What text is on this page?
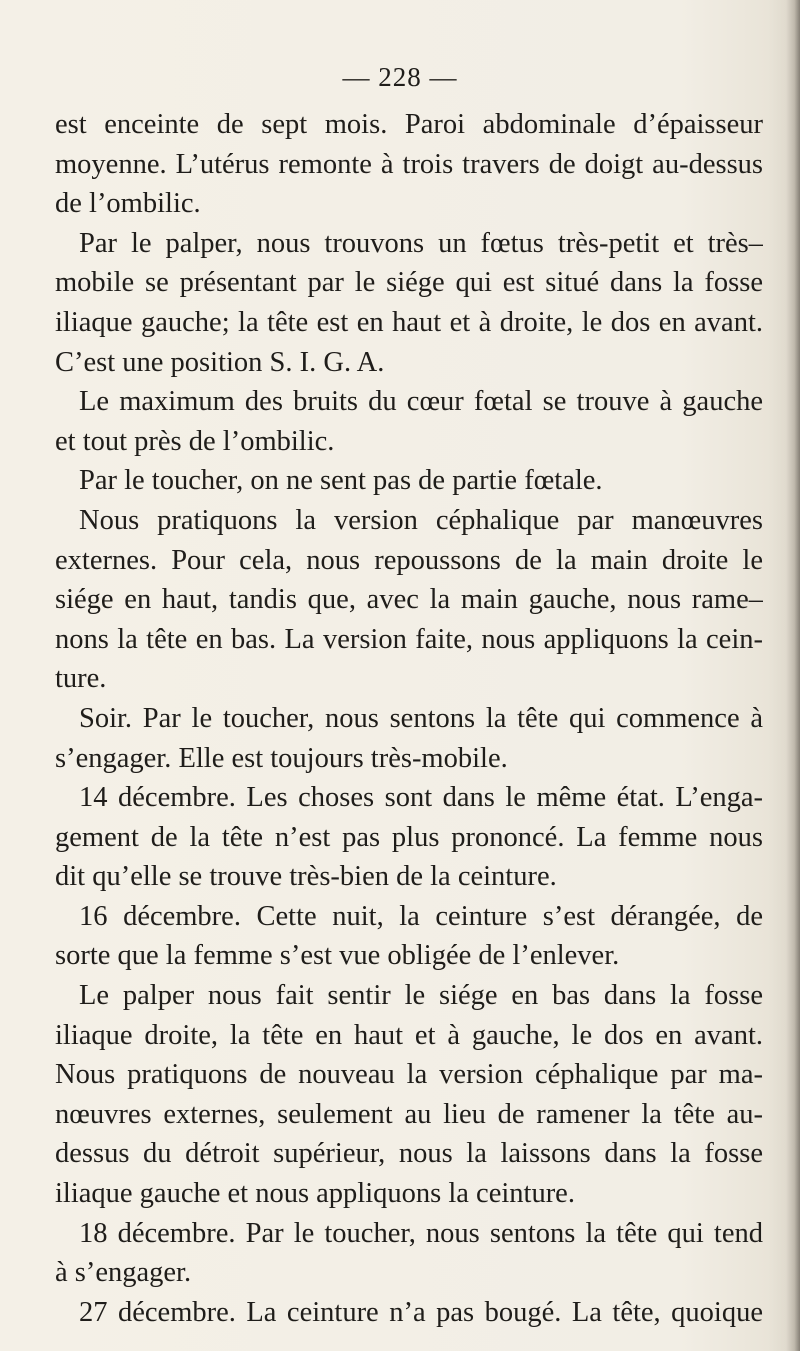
— 228 —
est enceinte de sept mois. Paroi abdominale d’épaisseur
moyenne. L’utérus remonte à trois travers de doigt au-dessus
de l’ombilic.
Par le palper, nous trouvons un fœtus très-petit et très–
mobile se présentant par le siége qui est situé dans la fosse
iliaque gauche; la tête est en haut et à droite, le dos en avant.
C’est une position S. I. G. A.
Le maximum des bruits du cœur fœtal se trouve à gauche
et tout près de l’ombilic.
Par le toucher, on ne sent pas de partie fœtale.
Nous pratiquons la version céphalique par manœuvres
externes. Pour cela, nous repoussons de la main droite le
siége en haut, tandis que, avec la main gauche, nous rame–
nons la tête en bas. La version faite, nous appliquons la cein-
ture.
Soir. Par le toucher, nous sentons la tête qui commence à
s’engager. Elle est toujours très-mobile.
14 décembre. Les choses sont dans le même état. L’enga-
gement de la tête n’est pas plus prononcé. La femme nous
dit qu’elle se trouve très-bien de la ceinture.
16 décembre. Cette nuit, la ceinture s’est dérangée, de
sorte que la femme s’est vue obligée de l’enlever.
Le palper nous fait sentir le siége en bas dans la fosse
iliaque droite, la tête en haut et à gauche, le dos en avant.
Nous pratiquons de nouveau la version céphalique par ma-
nœuvres externes, seulement au lieu de ramener la tête au-
dessus du détroit supérieur, nous la laissons dans la fosse
iliaque gauche et nous appliquons la ceinture.
18 décembre. Par le toucher, nous sentons la tête qui tend
à s’engager.
27 décembre. La ceinture n’a pas bougé. La tête, quoique
